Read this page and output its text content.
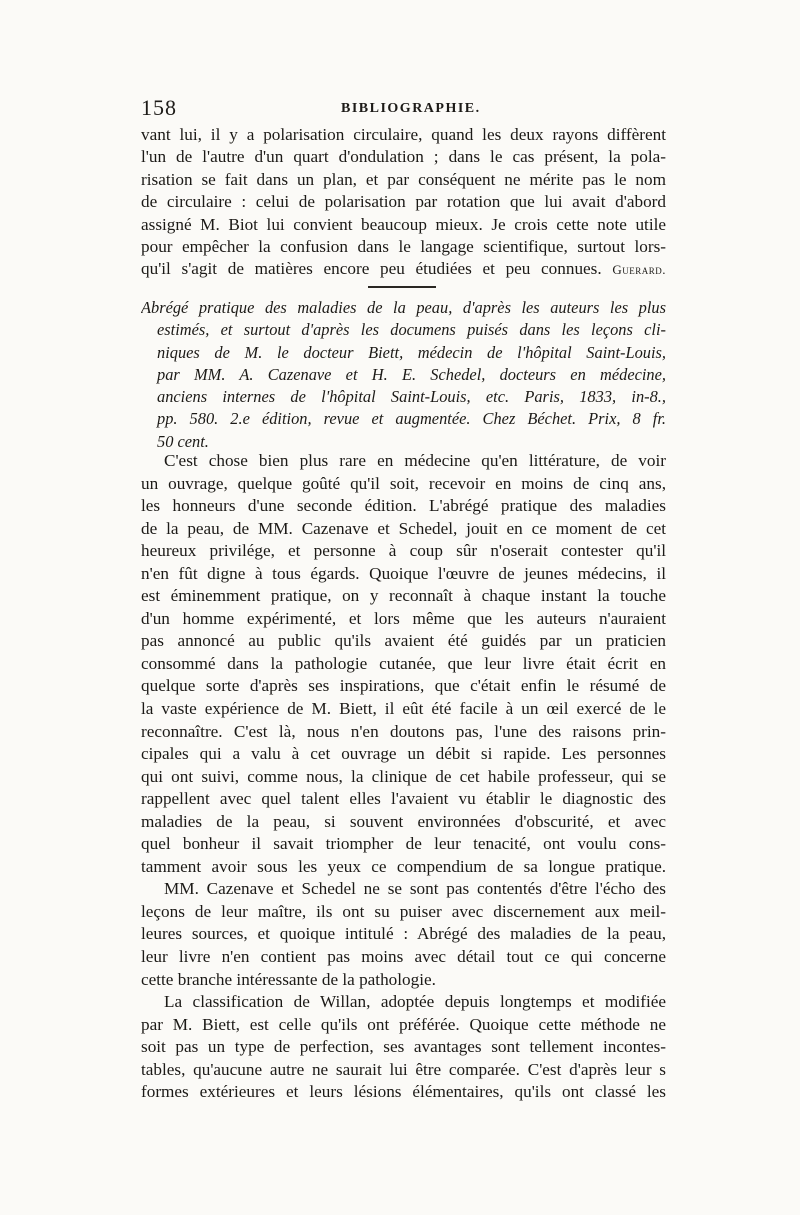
158	BIBLIOGRAPHIE.
vant lui, il y a polarisation circulaire, quand les deux rayons diffèrent
l'un de l'autre d'un quart d'ondulation ; dans le cas présent, la pola-
risation se fait dans un plan, et par conséquent ne mérite pas le nom
de circulaire : celui de polarisation par rotation que lui avait d'abord
assigné M. Biot lui convient beaucoup mieux. Je crois cette note utile
pour empêcher la confusion dans le langage scientifique, surtout lors-
qu'il s'agit de matières encore peu étudiées et peu connues. Guerard.
Abrégé pratique des maladies de la peau, d'après les auteurs les plus
estimés, et surtout d'après les documens puisés dans les leçons cli-
niques de M. le docteur Biett, médecin de l'hôpital Saint-Louis,
par MM. A. Cazenave et H. E. Schedel, docteurs en médecine,
anciens internes de l'hôpital Saint-Louis, etc. Paris, 1833, in-8.,
pp. 580. 2.e édition, revue et augmentée. Chez Béchet. Prix, 8 fr.
50 cent.
C'est chose bien plus rare en médecine qu'en littérature, de voir
un ouvrage, quelque goûté qu'il soit, recevoir en moins de cinq ans,
les honneurs d'une seconde édition. L'abrégé pratique des maladies
de la peau, de MM. Cazenave et Schedel, jouit en ce moment de cet
heureux privilége, et personne à coup sûr n'oserait contester qu'il
n'en fût digne à tous égards. Quoique l'œuvre de jeunes médecins, il
est éminemment pratique, on y reconnaît à chaque instant la touche
d'un homme expérimenté, et lors même que les auteurs n'auraient
pas annoncé au public qu'ils avaient été guidés par un praticien
consommé dans la pathologie cutanée, que leur livre était écrit en
quelque sorte d'après ses inspirations, que c'était enfin le résumé de
la vaste expérience de M. Biett, il eût été facile à un œil exercé de le
reconnaître. C'est là, nous n'en doutons pas, l'une des raisons prin-
cipales qui a valu à cet ouvrage un débit si rapide. Les personnes
qui ont suivi, comme nous, la clinique de cet habile professeur, qui se
rappellent avec quel talent elles l'avaient vu établir le diagnostic des
maladies de la peau, si souvent environnées d'obscurité, et avec
quel bonheur il savait triompher de leur tenacité, ont voulu cons-
tamment avoir sous les yeux ce compendium de sa longue pratique.
MM. Cazenave et Schedel ne se sont pas contentés d'être l'écho des
leçons de leur maître, ils ont su puiser avec discernement aux meil-
leures sources, et quoique intitulé : Abrégé des maladies de la peau,
leur livre n'en contient pas moins avec détail tout ce qui concerne
cette branche intéressante de la pathologie.
La classification de Willan, adoptée depuis longtemps et modifiée
par M. Biett, est celle qu'ils ont préférée. Quoique cette méthode ne
soit pas un type de perfection, ses avantages sont tellement incontes-
tables, qu'aucune autre ne saurait lui être comparée. C'est d'après leur s
formes extérieures et leurs lésions élémentaires, qu'ils ont classé les
